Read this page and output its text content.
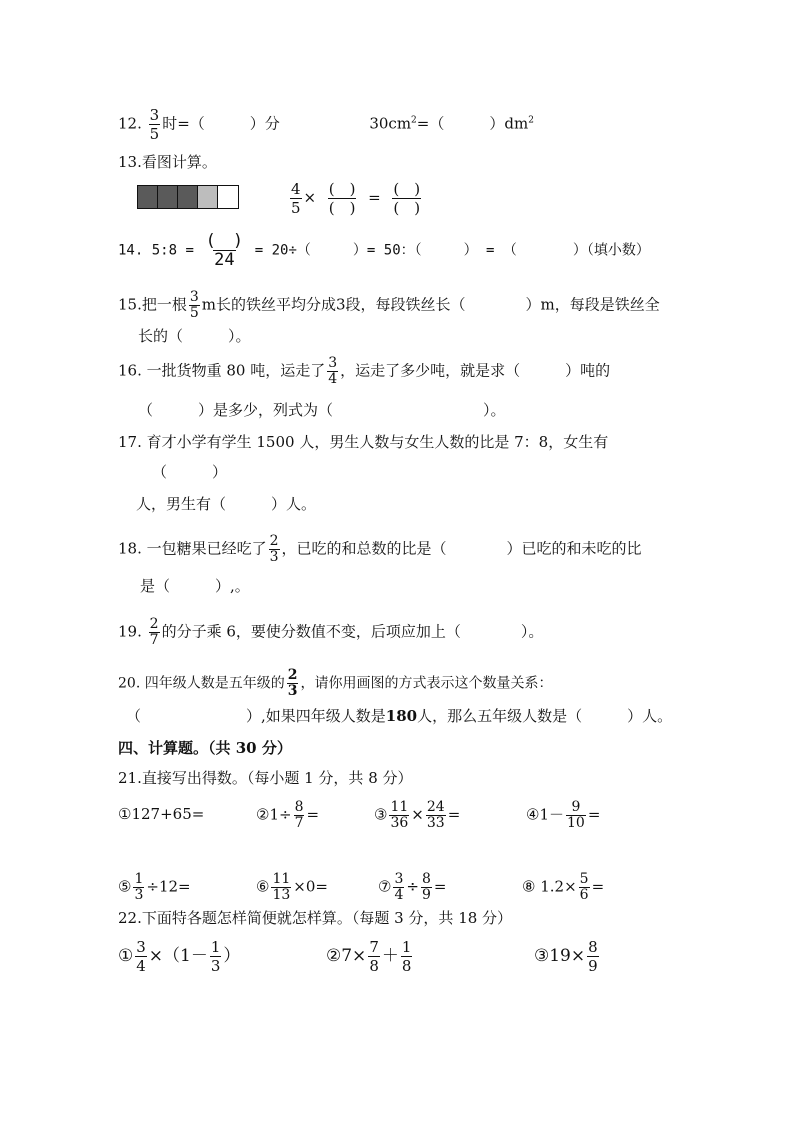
12. $\frac{3}{5}$ 时=（　　　）分	$30cm^2=$（　　　）$dm^2$
13.看图计算。
$\frac{4}{5} \times \frac{( )}{( )} = \frac{( )}{( )}$
14. 5:8 = $\frac{( )}{24} = 20\div$（　　　）= 50：（　　　） = （　　　　）（填小数）
15.把一根 $\frac{3}{5}$ m长的铁丝平均分成3段，每段铁丝长（　　　　）m，每段是铁丝全
长的（　　　）。
16. 一批货物重 80 吨，运走了 $\frac{3}{4}$ ，运走了多少吨，就是求（　　　）吨的
（　　　）是多少，列式为（　　　　　　　　　　）。
17. 育才小学有学生 1500 人，男生人数与女生人数的比是 7：8，女生有
（　　　）
人，男生有（　　　）人。
18. 一包糖果已经吃了 $\frac{2}{3}$ ，已吃的和总数的比是（　　　　）已吃的和未吃的比
是（　　　）,。
19. $\frac{2}{7}$ 的分子乘 6，要使分数值不变，后项应加上（　　　　）。
20. 四年级人数是五年级的 $\frac{2}{3}$ ，请你用画图的方式表示这个数量关系：
（　　　　　　　）,如果四年级人数是180人，那么五年级人数是（　　　）人。
四、计算题。（共 30 分）
21.直接写出得数。（每小题 1 分，共 8 分）
①127+65=	②1÷ $\frac{8}{7}$ =	③ $\frac{11}{36} \times \frac{24}{33}$ =	④1－ $\frac{9}{10}$ =
⑤ $\frac{1}{3} \div 12=$	⑥ $\frac{11}{13} \times 0=$	⑦ $\frac{3}{4} \div \frac{8}{9}$ =	⑧ $1.2\times \frac{5}{6}$ =
22.下面特各题怎样简便就怎样算。（每题 3 分，共 18 分）
① $\frac{3}{4} \times(1- \frac{1}{3}$ ）	②7× $\frac{7}{8} + \frac{1}{8}$	③19× $\frac{8}{9}$
